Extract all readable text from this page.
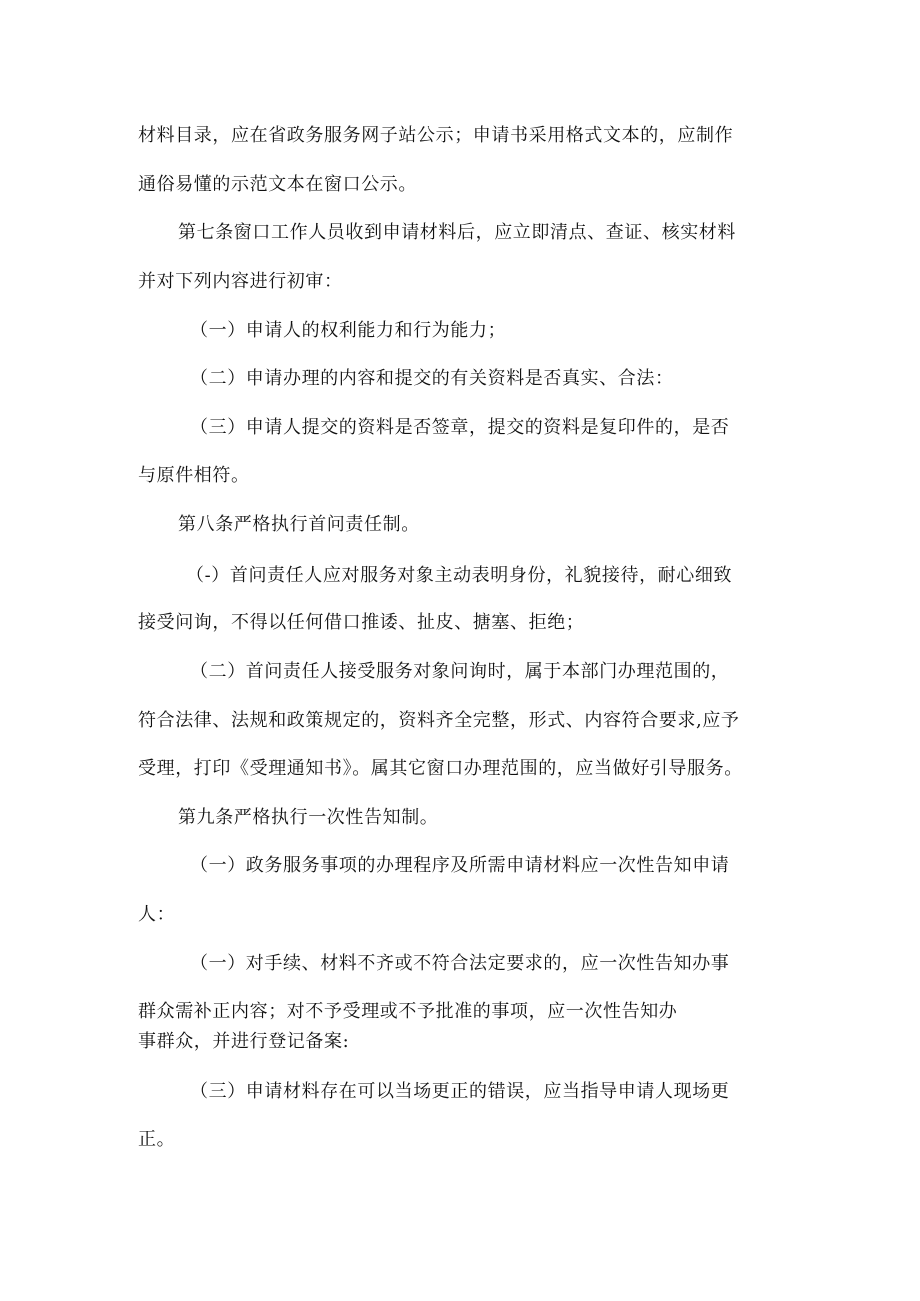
材料目录，应在省政务服务网子站公示；申请书采用格式文本的，应制作
通俗易懂的示范文本在窗口公示。
第七条窗口工作人员收到申请材料后，应立即清点、查证、核实材料
并对下列内容进行初审：
（一）申请人的权利能力和行为能力；
（二）申请办理的内容和提交的有关资料是否真实、合法：
（三）申请人提交的资料是否签章，提交的资料是复印件的，是否
与原件相符。
第八条严格执行首问责任制。
（-）首问责任人应对服务对象主动表明身份，礼貌接待，耐心细致
接受问询，不得以任何借口推诿、扯皮、搪塞、拒绝；
（二）首问责任人接受服务对象问询时，属于本部门办理范围的，
符合法律、法规和政策规定的，资料齐全完整，形式、内容符合要求,应予
受理，打印《受理通知书》。属其它窗口办理范围的，应当做好引导服务。
第九条严格执行一次性告知制。
（一）政务服务事项的办理程序及所需申请材料应一次性告知申请
人：
（一）对手续、材料不齐或不符合法定要求的，应一次性告知办事
群众需补正内容；对不予受理或不予批准的事项，应一次性告知办
事群众，并进行登记备案:
（三）申请材料存在可以当场更正的错误，应当指导申请人现场更
正。
